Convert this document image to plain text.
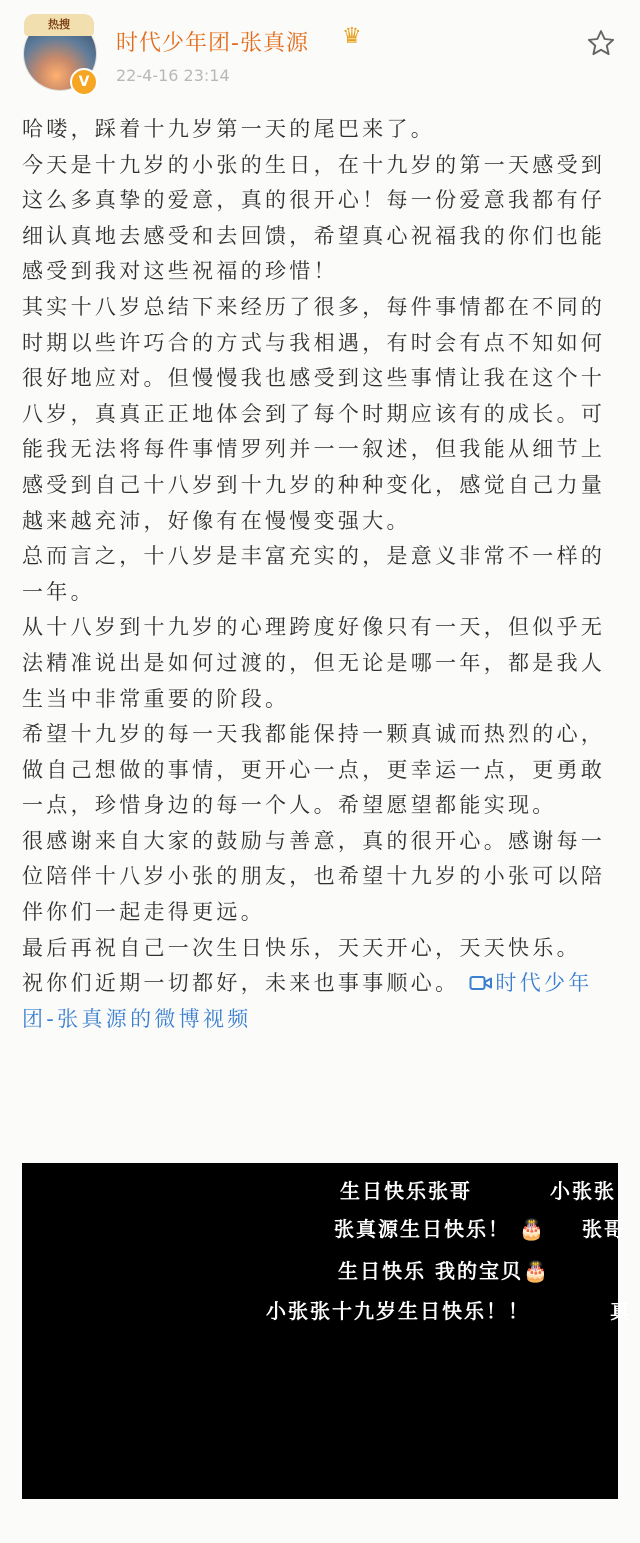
热搜
V
时代少年团-张真源 ♛
22-4-16 23:14

哈喽，踩着十九岁第一天的尾巴来了。

今天是十九岁的小张的生日，在十九岁的第一天感受到这么多真挚的爱意，真的很开心！每一份爱意我都有仔细认真地去感受和去回馈，希望真心祝福我的你们也能感受到我对这些祝福的珍惜！

其实十八岁总结下来经历了很多，每件事情都在不同的时期以些许巧合的方式与我相遇，有时会有点不知如何很好地应对。但慢慢我也感受到这些事情让我在这个十八岁，真真正正地体会到了每个时期应该有的成长。可能我无法将每件事情罗列并一一叙述，但我能从细节上感受到自己十八岁到十九岁的种种变化，感觉自己力量越来越充沛，好像有在慢慢变强大。

总而言之，十八岁是丰富充实的，是意义非常不一样的一年。

从十八岁到十九岁的心理跨度好像只有一天，但似乎无法精准说出是如何过渡的，但无论是哪一年，都是我人生当中非常重要的阶段。

希望十九岁的每一天我都能保持一颗真诚而热烈的心，做自己想做的事情，更开心一点，更幸运一点，更勇敢一点，珍惜身边的每一个人。希望愿望都能实现。

很感谢来自大家的鼓励与善意，真的很开心。感谢每一位陪伴十八岁小张的朋友，也希望十九岁的小张可以陪伴你们一起走得更远。

最后再祝自己一次生日快乐，天天开心，天天快乐。

祝你们近期一切都好，未来也事事顺心。 时代少年团-张真源的微博视频

生日快乐张哥	小张张
张真源生日快乐！ 🎂 张哥
生日快乐 我的宝贝🎂
小张张十九岁生日快乐！！	真
